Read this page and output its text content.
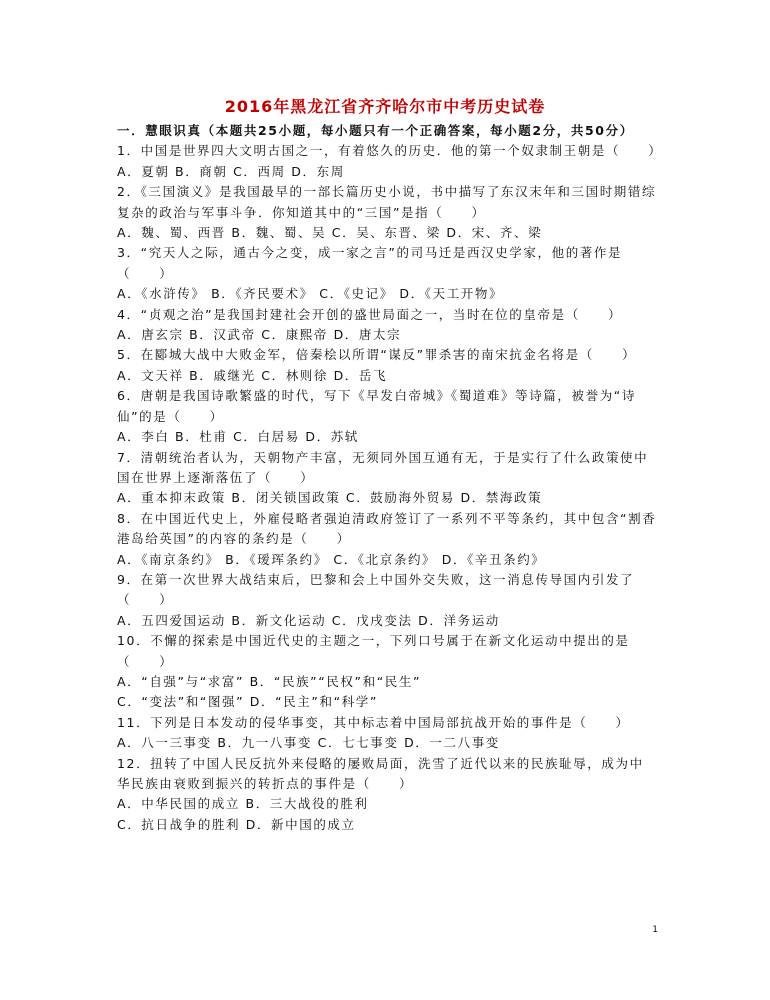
2016年黑龙江省齐齐哈尔市中考历史试卷

一．慧眼识真（本题共25小题，每小题只有一个正确答案，每小题2分，共50分）

1．中国是世界四大文明古国之一，有着悠久的历史．他的第一个奴隶制王朝是（　　）

A．夏朝 B．商朝 C．西周 D．东周

2．《三国演义》是我国最早的一部长篇历史小说，书中描写了东汉末年和三国时期错综复杂的政治与军事斗争．你知道其中的“三国”是指（　　）

A．魏、蜀、西晋 B．魏、蜀、吴 C．吴、东晋、梁 D．宋、齐、梁

3．“究天人之际，通古今之变，成一家之言”的司马迁是西汉史学家，他的著作是（　　）

A．《水浒传》 B．《齐民要术》 C．《史记》 D．《天工开物》

4．“贞观之治”是我国封建社会开创的盛世局面之一，当时在位的皇帝是（　　）

A．唐玄宗 B．汉武帝 C．康熙帝 D．唐太宗

5．在郾城大战中大败金军，倍秦桧以所谓“谋反”罪杀害的南宋抗金名将是（　　）

A．文天祥 B．戚继光 C．林则徐 D．岳飞

6．唐朝是我国诗歌繁盛的时代，写下《早发白帝城》《蜀道难》等诗篇，被誉为“诗仙”的是（　　）

A．李白 B．杜甫 C．白居易 D．苏轼

7．清朝统治者认为，天朝物产丰富，无须同外国互通有无，于是实行了什么政策使中国在世界上逐渐落伍了（　　）

A．重本抑末政策 B．闭关锁国政策 C．鼓励海外贸易 D．禁海政策

8．在中国近代史上，外雇侵略者强迫清政府签订了一系列不平等条约，其中包含“割香港岛给英国”的内容的条约是（　　）

A．《南京条约》 B．《瑷珲条约》 C．《北京条约》 D．《辛丑条约》

9．在第一次世界大战结束后，巴黎和会上中国外交失败，这一消息传导国内引发了（　　）

A．五四爱国运动 B．新文化运动 C．戊戌变法 D．洋务运动

10．不懈的探索是中国近代史的主题之一，下列口号属于在新文化运动中提出的是（　　）

A．“自强”与“求富” B．“民族”“民权”和“民生”

C．“变法”和“图强” D．“民主”和“科学”

11．下列是日本发动的侵华事变，其中标志着中国局部抗战开始的事件是（　　）

A．八一三事变 B．九一八事变 C．七七事变 D．一二八事变

12．扭转了中国人民反抗外来侵略的屡败局面，洗雪了近代以来的民族耻辱，成为中华民族由衰败到振兴的转折点的事件是（　　）

A．中华民国的成立 B．三大战役的胜利

C．抗日战争的胜利 D．新中国的成立

1
